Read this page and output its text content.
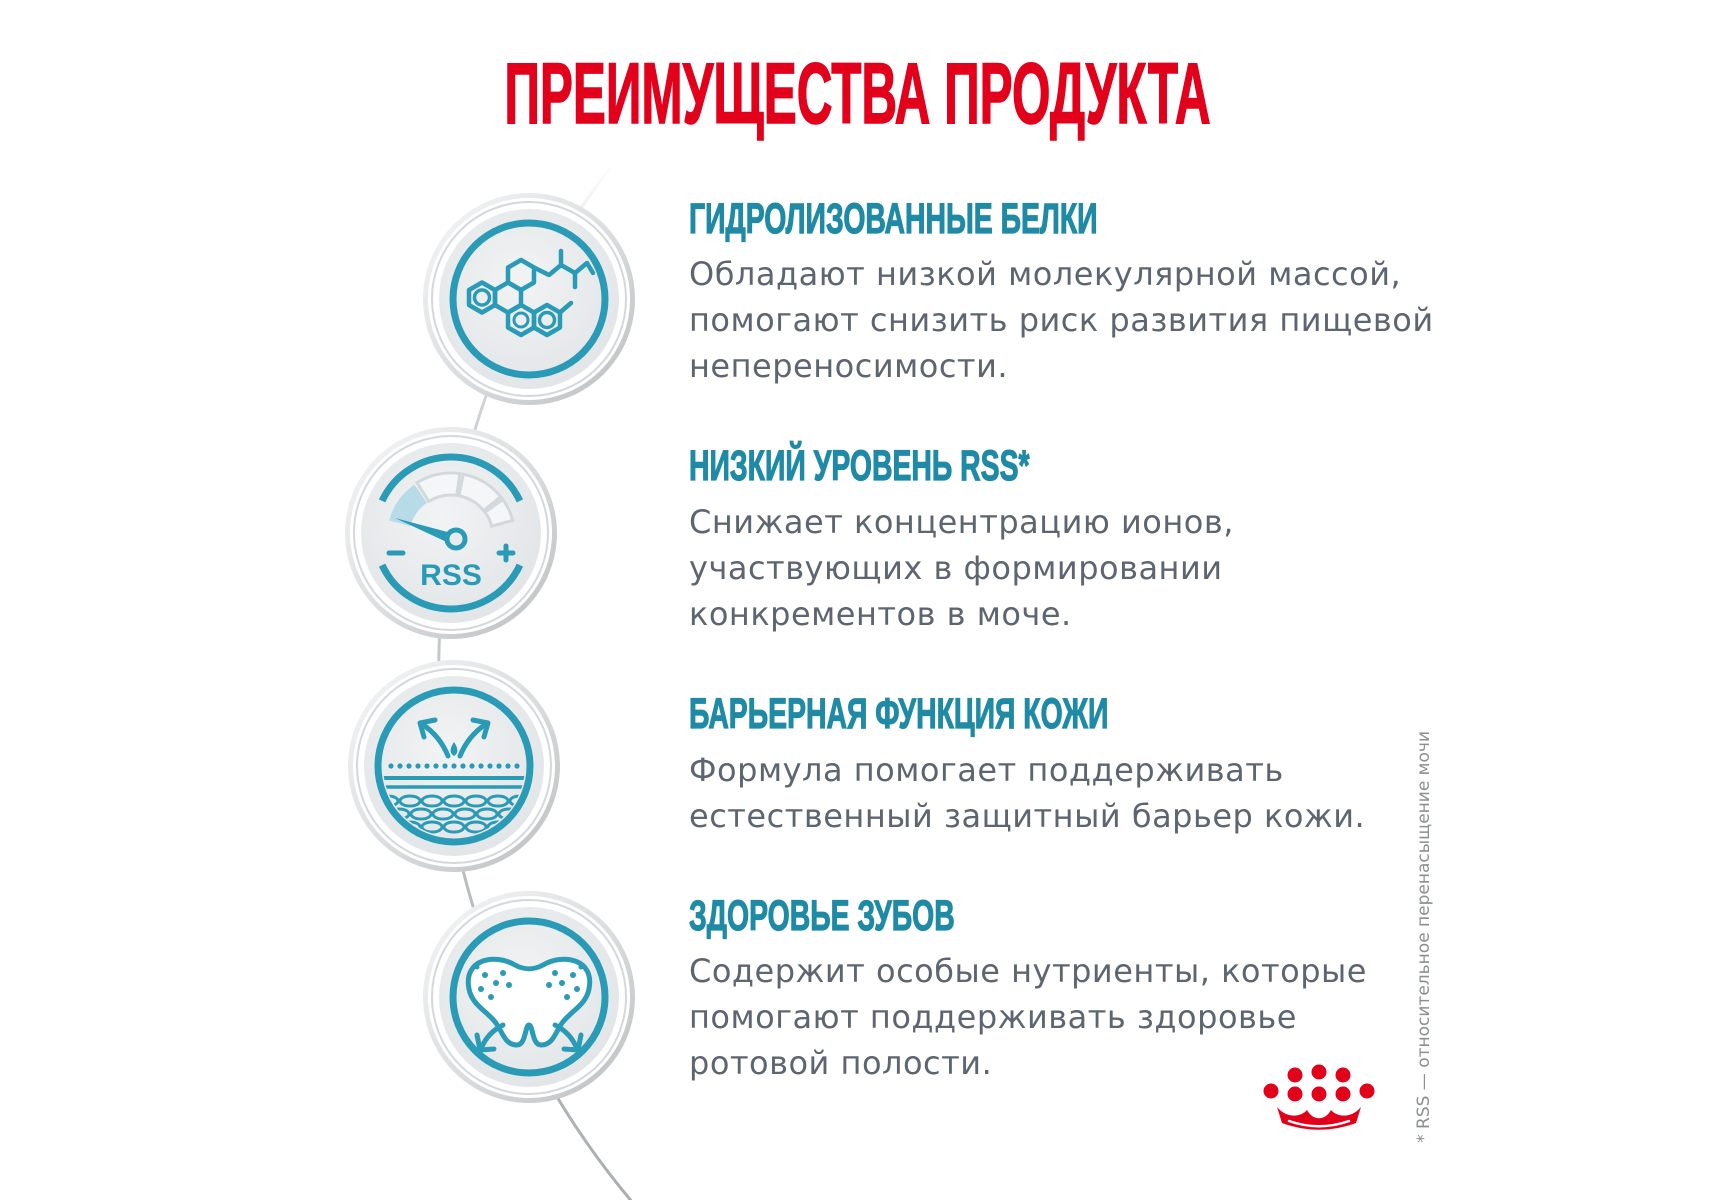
ПРЕИМУЩЕСТВА ПРОДУКТА
RSS
ГИДРОЛИЗОВАННЫЕ БЕЛКИ
Обладают низкой молекулярной массой,
помогают снизить риск развития пищевой
непереносимости.
НИЗКИЙ УРОВЕНЬ RSS*
Снижает концентрацию ионов,
участвующих в формировании
конкрементов в моче.
БАРЬЕРНАЯ ФУНКЦИЯ КОЖИ
Формула помогает поддерживать
естественный защитный барьер кожи.
ЗДОРОВЬЕ ЗУБОВ
Содержит особые нутриенты, которые
помогают поддерживать здоровье
ротовой полости.	* RSS — относительное перенасыщение мочи
